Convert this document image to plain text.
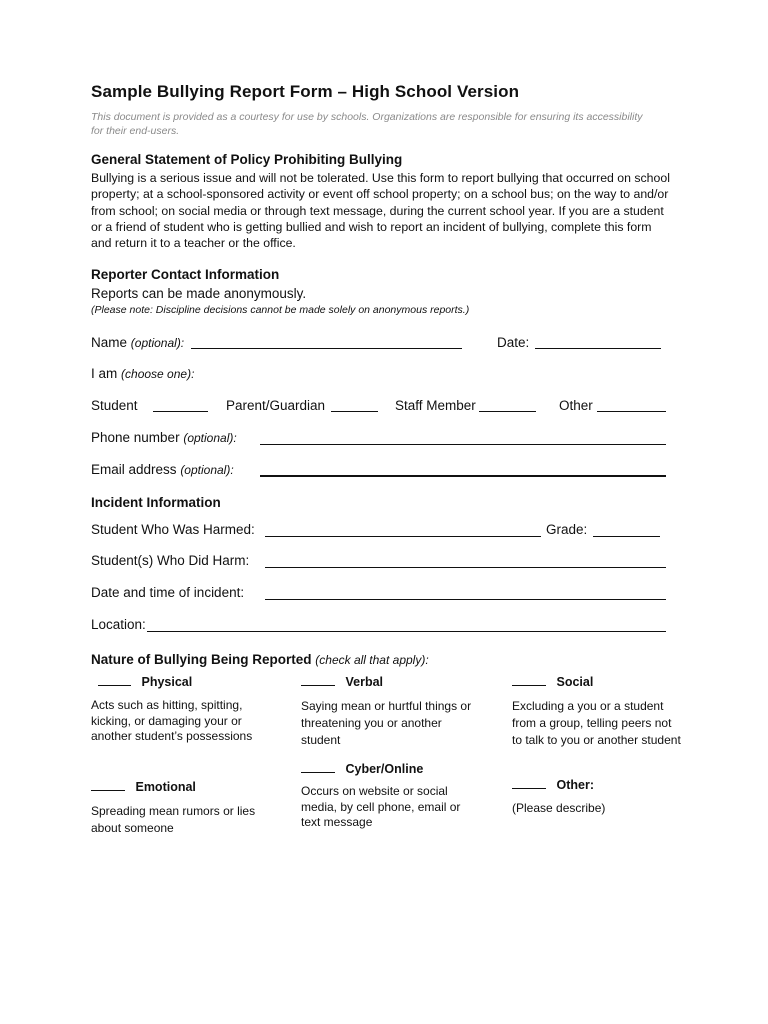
Sample Bullying Report Form – High School Version
This document is provided as a courtesy for use by schools. Organizations are responsible for ensuring its accessibility for their end-users.
General Statement of Policy Prohibiting Bullying
Bullying is a serious issue and will not be tolerated. Use this form to report bullying that occurred on school property; at a school-sponsored activity or event off school property; on a school bus; on the way to and/or from school; on social media or through text message, during the current school year. If you are a student or a friend of student who is getting bullied and wish to report an incident of bullying, complete this form and return it to a teacher or the office.
Reporter Contact Information
Reports can be made anonymously.
(Please note: Discipline decisions cannot be made solely on anonymous reports.)
Name (optional):	Date:
I am (choose one):
Student	Parent/Guardian	Staff Member	Other
Phone number (optional):
Email address (optional):
Incident Information
Student Who Was Harmed:	Grade:
Student(s) Who Did Harm:
Date and time of incident:
Location:
Nature of Bullying Being Reported (check all that apply):
Physical
Acts such as hitting, spitting, kicking, or damaging your or another student’s possessions
Verbal
Saying mean or hurtful things or threatening you or another student
Social
Excluding a you or a student from a group, telling peers not to talk to you or another student
Emotional
Spreading mean rumors or lies about someone
Cyber/Online
Occurs on website or social media, by cell phone, email or text message
Other:
(Please describe)
